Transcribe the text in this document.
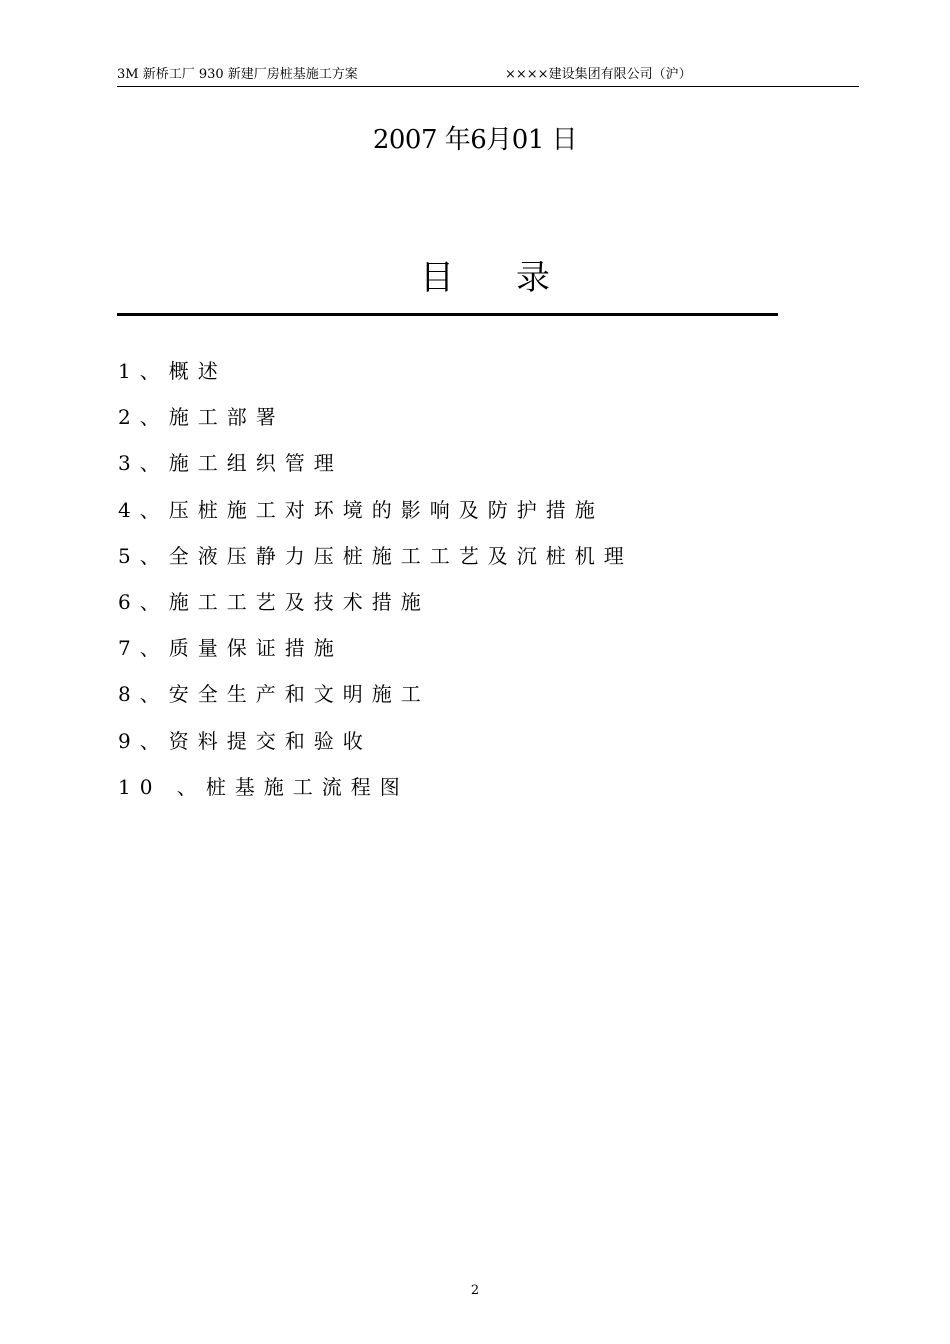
3M 新桥工厂 930 新建厂房桩基施工方案	××××建设集团有限公司（沪）
2007 年6月01 日
目 录
1、概述
2、施工部署
3、施工组织管理
4、压桩施工对环境的影响及防护措施
5、全液压静力压桩施工工艺及沉桩机理
6、施工工艺及技术措施
7、质量保证措施
8、安全生产和文明施工
9、资料提交和验收
10 、桩基施工流程图
2
